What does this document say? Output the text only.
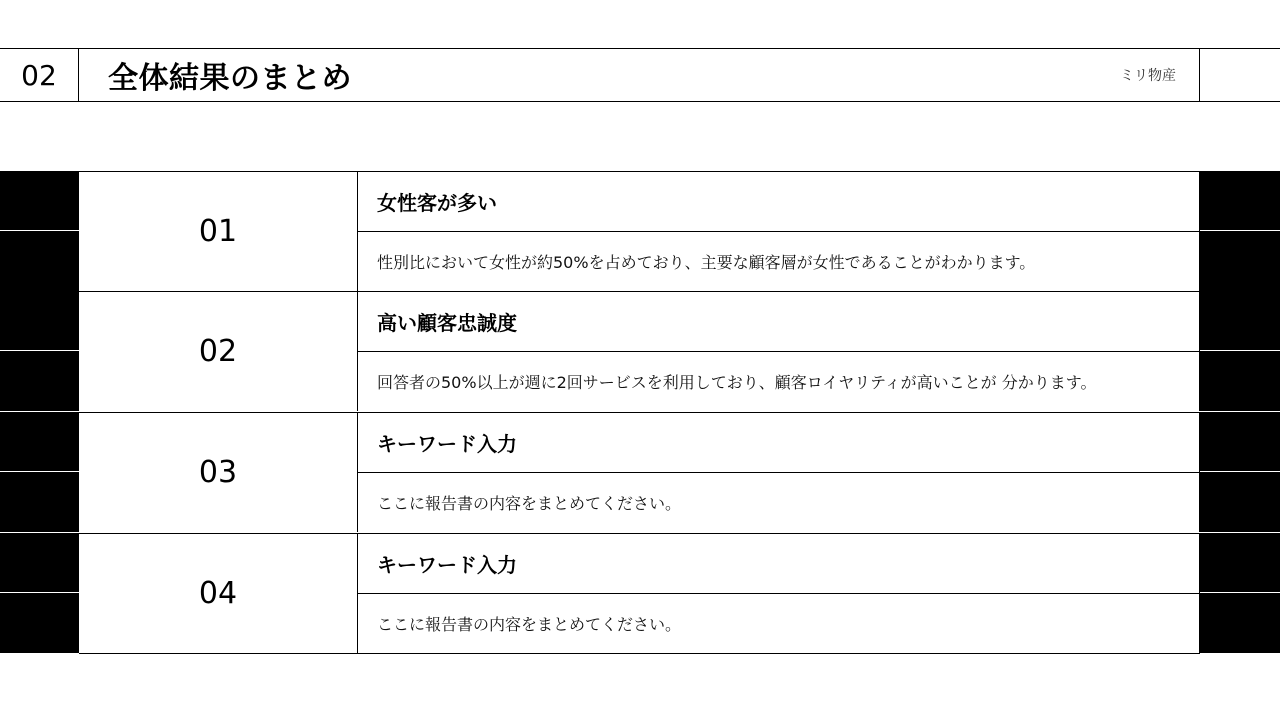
02	全体結果のまとめ	ミリ物産
01
女性客が多い
性別比において女性が約50%を占めており、主要な顧客層が女性であることがわかります。
02
高い顧客忠誠度
回答者の50%以上が週に2回サービスを利用しており、顧客ロイヤリティが高いことが 分かります。
03
キーワード入力
ここに報告書の内容をまとめてください。
04
キーワード入力
ここに報告書の内容をまとめてください。
